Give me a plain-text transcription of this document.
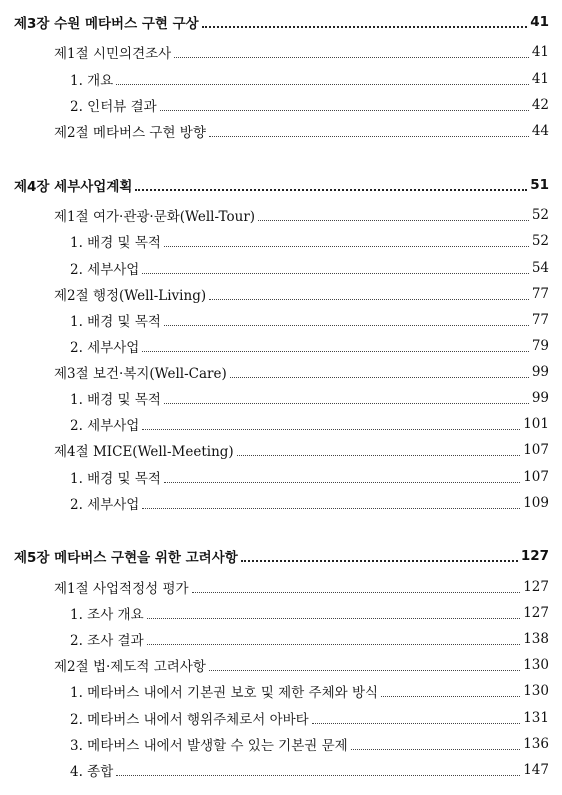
제3장 수원 메타버스 구현 구상	41
제1절 시민의견조사	41
1. 개요	41
2. 인터뷰 결과	42
제2절 메타버스 구현 방향	44
제4장 세부사업계획	51
제1절 여가·관광·문화(Well-Tour)	52
1. 배경 및 목적	52
2. 세부사업	54
제2절 행정(Well-Living)	77
1. 배경 및 목적	77
2. 세부사업	79
제3절 보건·복지(Well-Care)	99
1. 배경 및 목적	99
2. 세부사업	101
제4절 MICE(Well-Meeting)	107
1. 배경 및 목적	107
2. 세부사업	109
제5장 메타버스 구현을 위한 고려사항	127
제1절 사업적정성 평가	127
1. 조사 개요	127
2. 조사 결과	138
제2절 법·제도적 고려사항	130
1. 메타버스 내에서 기본권 보호 및 제한 주체와 방식	130
2. 메타버스 내에서 행위주체로서 아바타	131
3. 메타버스 내에서 발생할 수 있는 기본권 문제	136
4. 종합	147
